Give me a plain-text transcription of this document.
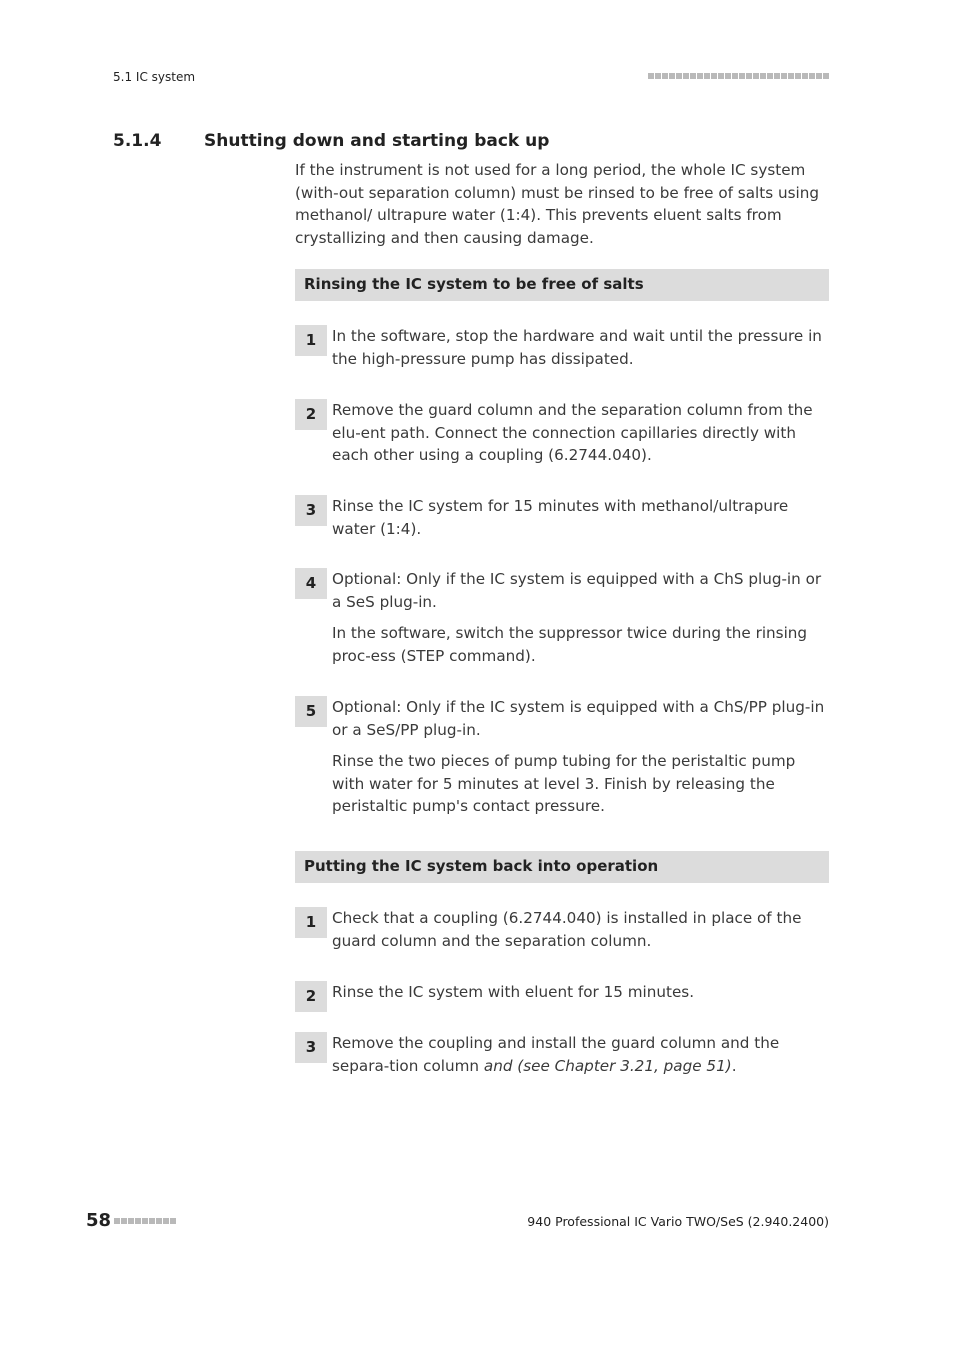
5.1 IC system
5.1.4	Shutting down and starting back up
If the instrument is not used for a long period, the whole IC system (with-out separation column) must be rinsed to be free of salts using methanol/ ultrapure water (1:4). This prevents eluent salts from crystallizing and then causing damage.
Rinsing the IC system to be free of salts
1	In the software, stop the hardware and wait until the pressure in the high-pressure pump has dissipated.

2	Remove the guard column and the separation column from the elu-ent path. Connect the connection capillaries directly with each other using a coupling (6.2744.040).

3	Rinse the IC system for 15 minutes with methanol/ultrapure water (1:4).

4	Optional: Only if the IC system is equipped with a ChS plug-in or a SeS plug-in.

In the software, switch the suppressor twice during the rinsing proc-ess (STEP command).

5	Optional: Only if the IC system is equipped with a ChS/PP plug-in or a SeS/PP plug-in.

Rinse the two pieces of pump tubing for the peristaltic pump with water for 5 minutes at level 3. Finish by releasing the peristaltic pump's contact pressure.

Putting the IC system back into operation
1	Check that a coupling (6.2744.040) is installed in place of the guard column and the separation column.

2	Rinse the IC system with eluent for 15 minutes.

3	Remove the coupling and install the guard column and the separa-tion column and (see Chapter 3.21, page 51).

58	940 Professional IC Vario TWO/SeS (2.940.2400)
